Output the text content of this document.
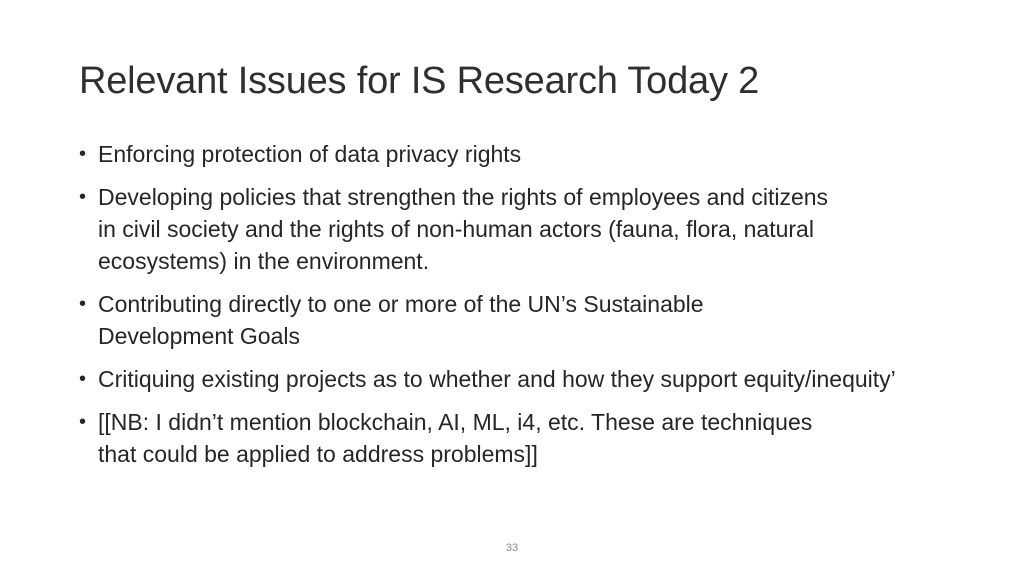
Relevant Issues for IS Research Today 2
• Enforcing protection of data privacy rights
• Developing policies that strengthen the rights of employees and citizens in civil society and the rights of non-human actors (fauna, flora, natural ecosystems) in the environment.
• Contributing directly to one or more of the UN’s Sustainable Development Goals
• Critiquing existing projects as to whether and how they support equity/inequity’
• [[NB: I didn’t mention blockchain, AI, ML, i4, etc. These are techniques that could be applied to address problems]]
33
